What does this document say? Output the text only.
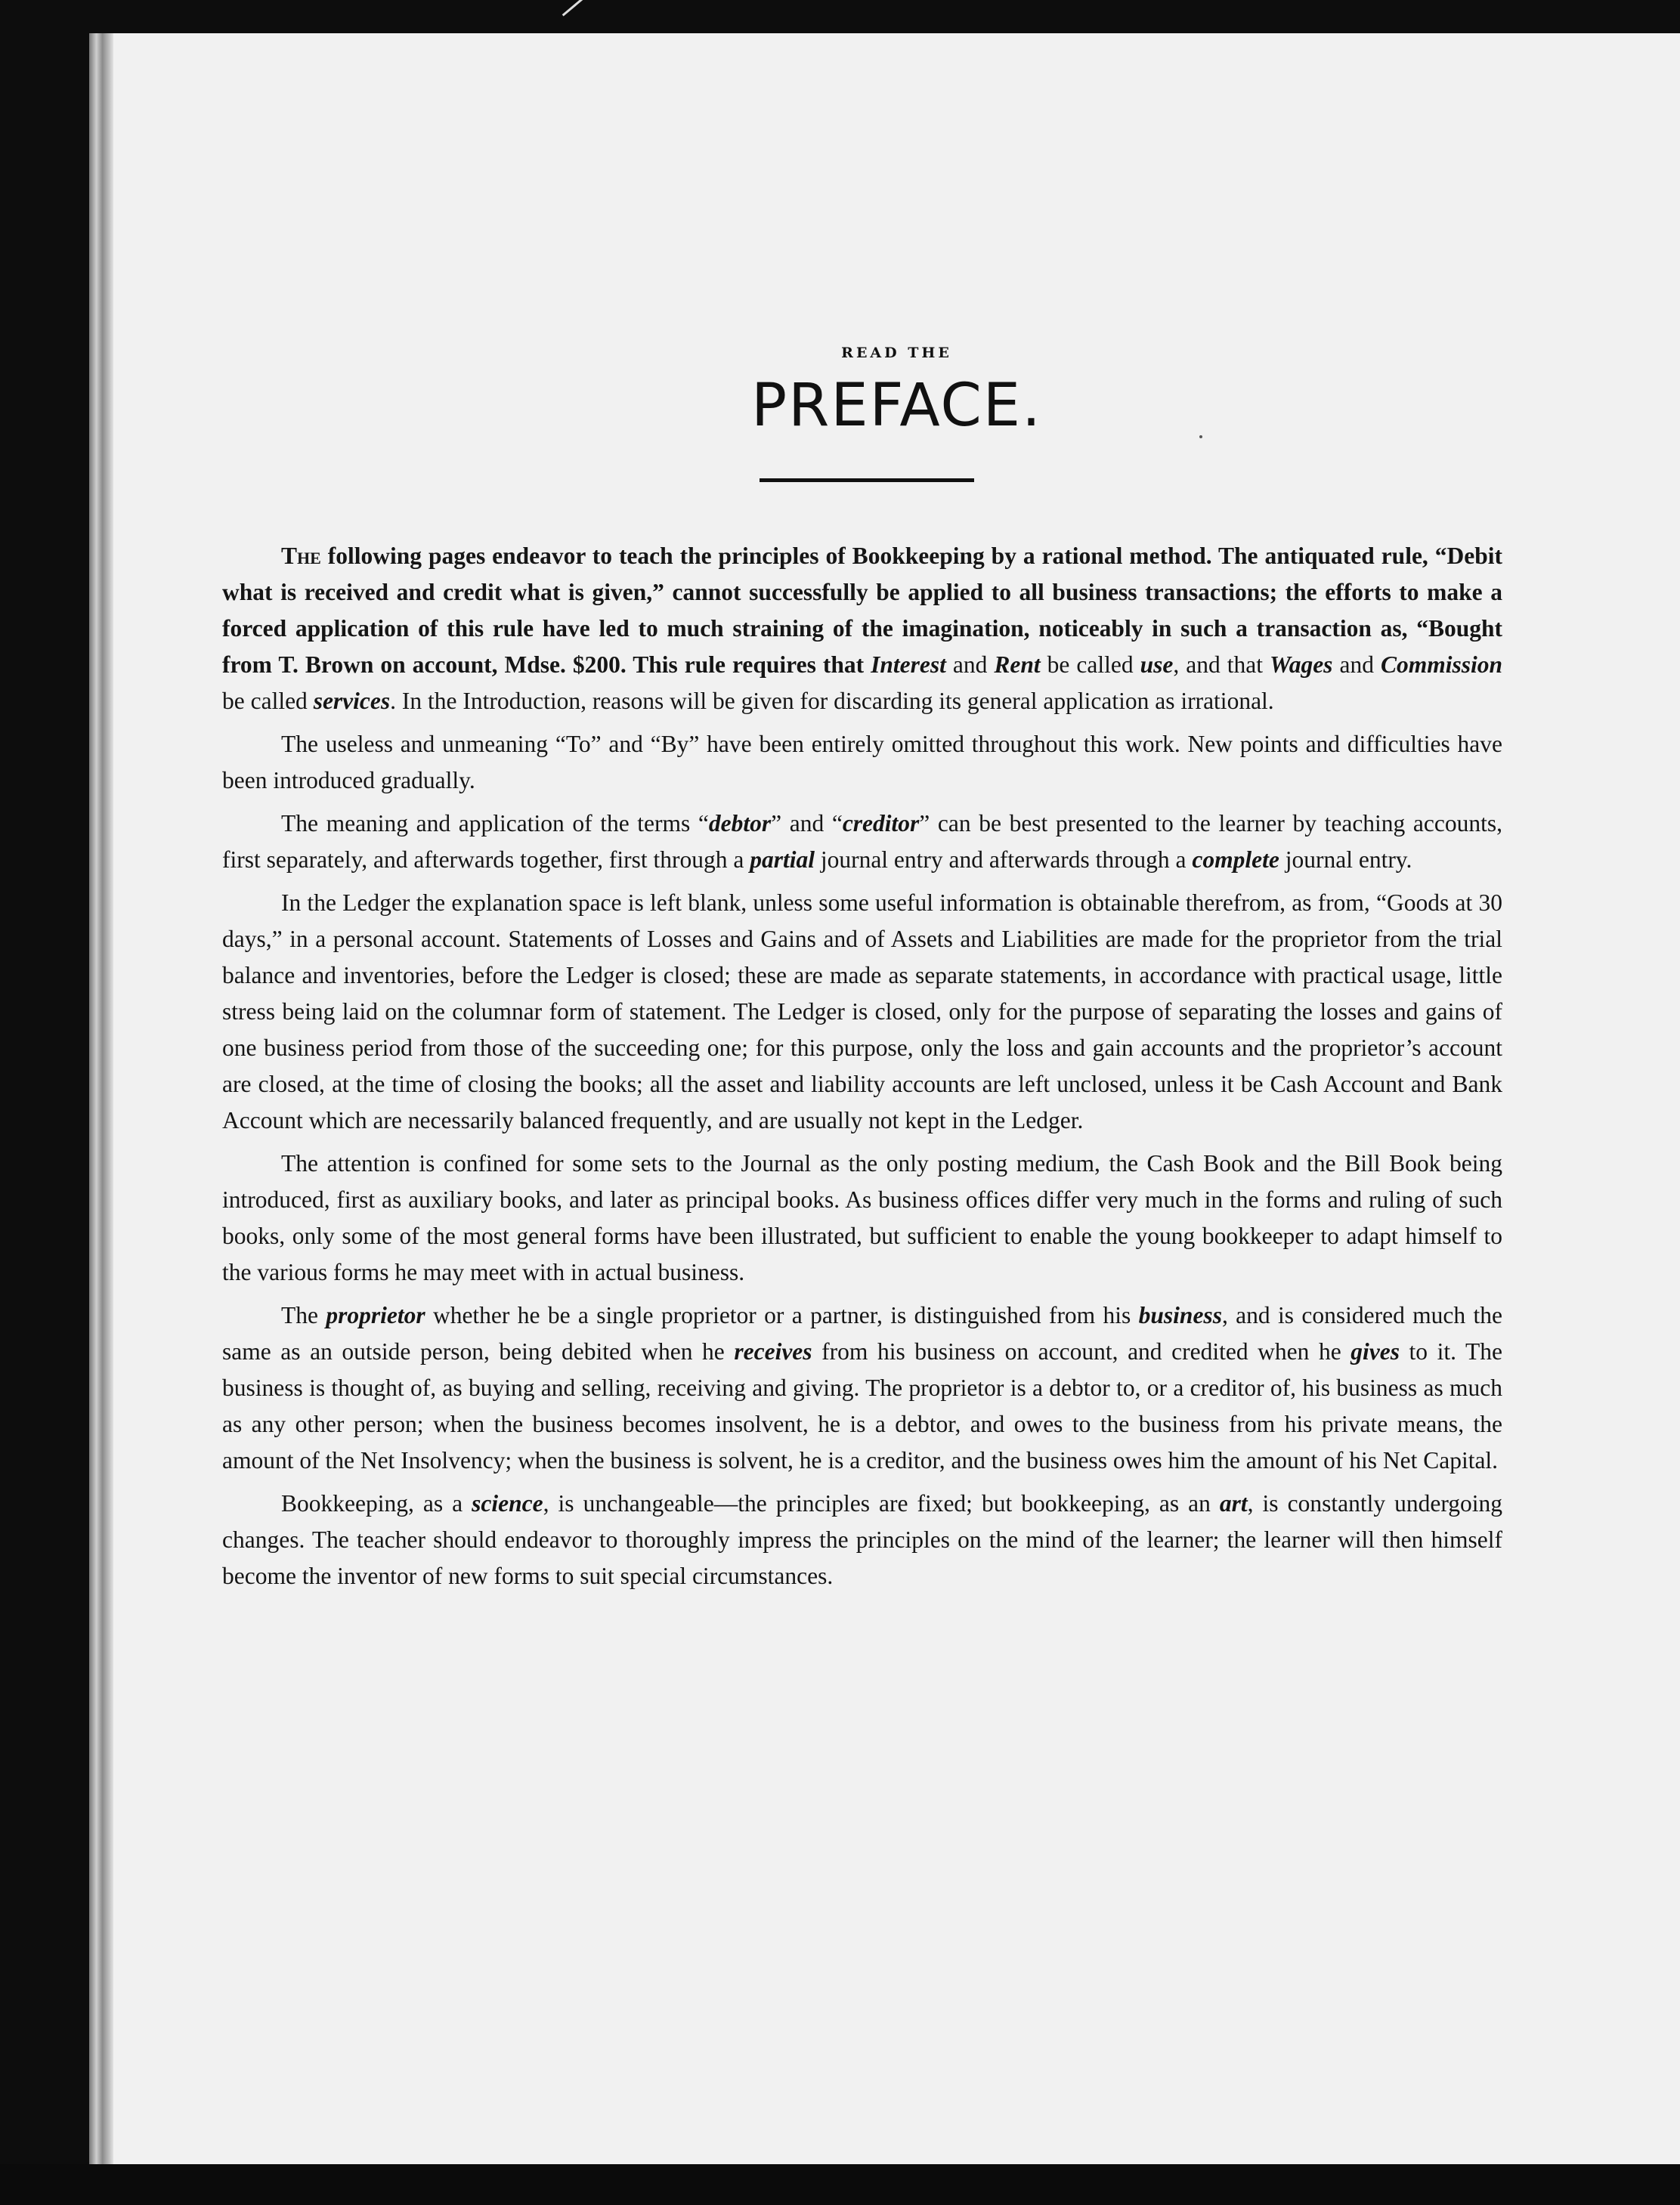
READ THE
PREFACE.

The following pages endeavor to teach the principles of Bookkeeping by a rational method. The antiquated rule, “Debit what is received and credit what is given,” cannot successfully be applied to all business transactions; the efforts to make a forced application of this rule have led to much straining of the imagination, noticeably in such a transaction as, “Bought from T. Brown on account, Mdse. $200. This rule requires that Interest and Rent be called use, and that Wages and Commission be called services. In the Introduction, reasons will be given for discarding its general application as irrational.

The useless and unmeaning “To” and “By” have been entirely omitted throughout this work. New points and difficulties have been introduced gradually.

The meaning and application of the terms “debtor” and “creditor” can be best presented to the learner by teaching accounts, first separately, and afterwards together, first through a partial journal entry and afterwards through a complete journal entry.

In the Ledger the explanation space is left blank, unless some useful information is obtainable therefrom, as from, “Goods at 30 days,” in a personal account. Statements of Losses and Gains and of Assets and Liabilities are made for the proprietor from the trial balance and inventories, before the Ledger is closed; these are made as separate statements, in accordance with practical usage, little stress being laid on the columnar form of statement. The Ledger is closed, only for the purpose of separating the losses and gains of one business period from those of the succeeding one; for this purpose, only the loss and gain accounts and the proprietor’s account are closed, at the time of closing the books; all the asset and liability accounts are left unclosed, unless it be Cash Account and Bank Account which are necessarily balanced frequently, and are usually not kept in the Ledger.

The attention is confined for some sets to the Journal as the only posting medium, the Cash Book and the Bill Book being introduced, first as auxiliary books, and later as principal books. As business offices differ very much in the forms and ruling of such books, only some of the most general forms have been illustrated, but sufficient to enable the young bookkeeper to adapt himself to the various forms he may meet with in actual business.

The proprietor whether he be a single proprietor or a partner, is distinguished from his business, and is considered much the same as an outside person, being debited when he receives from his business on account, and credited when he gives to it. The business is thought of, as buying and selling, receiving and giving. The proprietor is a debtor to, or a creditor of, his business as much as any other person; when the business becomes insolvent, he is a debtor, and owes to the business from his private means, the amount of the Net Insolvency; when the business is solvent, he is a creditor, and the business owes him the amount of his Net Capital.

Bookkeeping, as a science, is unchangeable—the principles are fixed; but bookkeeping, as an art, is constantly undergoing changes. The teacher should endeavor to thoroughly impress the principles on the mind of the learner; the learner will then himself become the inventor of new forms to suit special circumstances.
